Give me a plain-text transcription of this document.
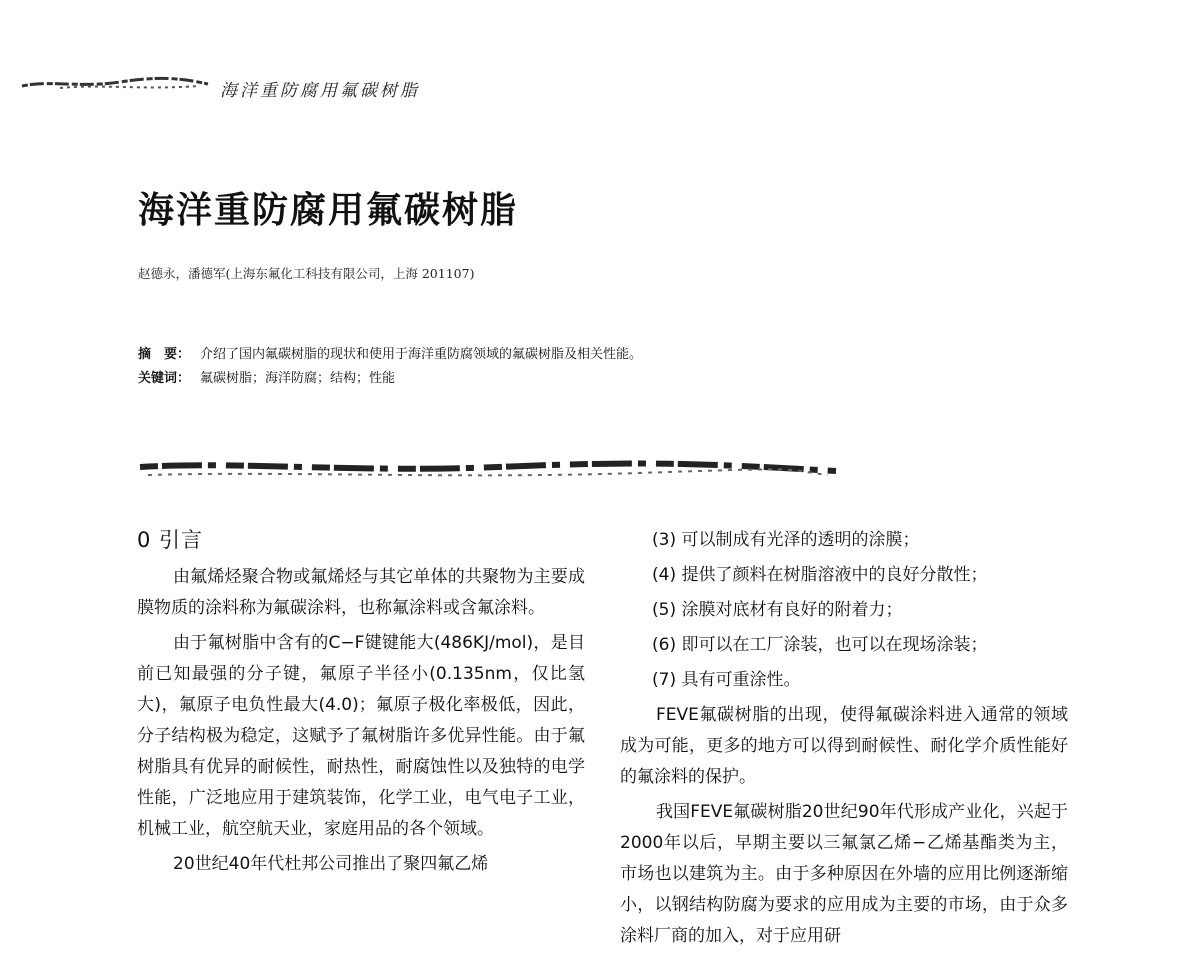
海洋重防腐用氟碳树脂
海洋重防腐用氟碳树脂
赵德永，潘德军(上海东氟化工科技有限公司，上海 201107)
摘　要： 介绍了国内氟碳树脂的现状和使用于海洋重防腐领域的氟碳树脂及相关性能。
关键词： 氟碳树脂；海洋防腐；结构；性能
0 引言

由氟烯烃聚合物或氟烯烃与其它单体的共聚物为主要成膜物质的涂料称为氟碳涂料，也称氟涂料或含氟涂料。

由于氟树脂中含有的C−F键键能大(486KJ/mol)，是目前已知最强的分子键，氟原子半径小(0.135nm，仅比氢大)，氟原子电负性最大(4.0)；氟原子极化率极低，因此，分子结构极为稳定，这赋予了氟树脂许多优异性能。由于氟树脂具有优异的耐候性，耐热性，耐腐蚀性以及独特的电学性能，广泛地应用于建筑装饰，化学工业，电气电子工业，机械工业，航空航天业，家庭用品的各个领域。

20世纪40年代杜邦公司推出了聚四氟乙烯

(3) 可以制成有光泽的透明的涂膜；

(4) 提供了颜料在树脂溶液中的良好分散性；

(5) 涂膜对底材有良好的附着力；

(6) 即可以在工厂涂装，也可以在现场涂装；

(7) 具有可重涂性。

FEVE氟碳树脂的出现，使得氟碳涂料进入通常的领域成为可能，更多的地方可以得到耐候性、耐化学介质性能好的氟涂料的保护。

我国FEVE氟碳树脂20世纪90年代形成产业化，兴起于2000年以后，早期主要以三氟氯乙烯−乙烯基酯类为主，市场也以建筑为主。由于多种原因在外墙的应用比例逐渐缩小，以钢结构防腐为要求的应用成为主要的市场，由于众多涂料厂商的加入，对于应用研
